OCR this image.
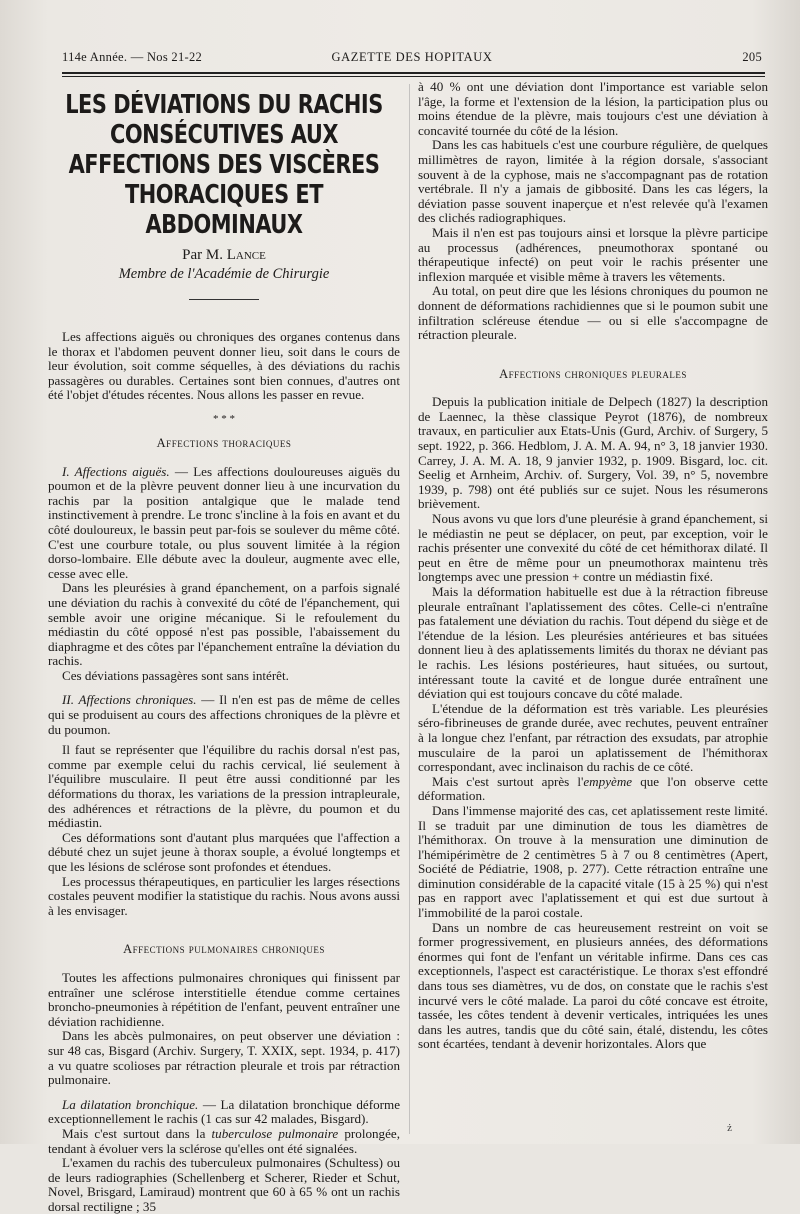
114e Année. — Nos 21-22	GAZETTE DES HOPITAUX	205
LES DÉVIATIONS DU RACHIS
CONSÉCUTIVES AUX AFFECTIONS DES VISCÈRES
THORACIQUES ET ABDOMINAUX
Par M. Lance
Membre de l'Académie de Chirurgie

Les affections aiguës ou chroniques des organes contenus dans le thorax et l'abdomen peuvent donner lieu, soit dans le cours de leur évolution, soit comme séquelles, à des déviations du rachis passagères ou durables. Certaines sont bien connues, d'autres ont été l'objet d'études récentes. Nous allons les passer en revue.

* * *
Affections thoraciques

I. Affections aiguës. — Les affections douloureuses aiguës du poumon et de la plèvre peuvent donner lieu à une incurvation du rachis par la position antalgique que le malade tend instinctivement à prendre. Le tronc s'incline à la fois en avant et du côté douloureux, le bassin peut par-fois se soulever du même côté. C'est une courbure totale, ou plus souvent limitée à la région dorso-lombaire. Elle débute avec la douleur, augmente avec elle, cesse avec elle.

Dans les pleurésies à grand épanchement, on a parfois signalé une déviation du rachis à convexité du côté de l'épanchement, qui semble avoir une origine mécanique. Si le refoulement du médiastin du côté opposé n'est pas possible, l'abaissement du diaphragme et des côtes par l'épanchement entraîne la déviation du rachis.

Ces déviations passagères sont sans intérêt.

II. Affections chroniques. — Il n'en est pas de même de celles qui se produisent au cours des affections chroniques de la plèvre et du poumon.

Il faut se représenter que l'équilibre du rachis dorsal n'est pas, comme par exemple celui du rachis cervical, lié seulement à l'équilibre musculaire. Il peut être aussi conditionné par les déformations du thorax, les variations de la pression intrapleurale, des adhérences et rétractions de la plèvre, du poumon et du médiastin.

Ces déformations sont d'autant plus marquées que l'affection a débuté chez un sujet jeune à thorax souple, a évolué longtemps et que les lésions de sclérose sont profondes et étendues.

Les processus thérapeutiques, en particulier les larges résections costales peuvent modifier la statistique du rachis. Nous avons aussi à les envisager.

Affections pulmonaires chroniques

Toutes les affections pulmonaires chroniques qui finissent par entraîner une sclérose interstitielle étendue comme certaines broncho-pneumonies à répétition de l'enfant, peuvent entraîner une déviation rachidienne.

Dans les abcès pulmonaires, on peut observer une déviation : sur 48 cas, Bisgard (Archiv. Surgery, T. XXIX, sept. 1934, p. 417) a vu quatre scolioses par rétraction pleurale et trois par rétraction pulmonaire.

La dilatation bronchique. — La dilatation bronchique déforme exceptionnellement le rachis (1 cas sur 42 malades, Bisgard).

Mais c'est surtout dans la tuberculose pulmonaire prolongée, tendant à évoluer vers la sclérose qu'elles ont été signalées.

L'examen du rachis des tuberculeux pulmonaires (Schultess) ou de leurs radiographies (Schellenberg et Scherer, Rieder et Schut, Novel, Brisgard, Lamiraud) montrent que 60 à 65 % ont un rachis dorsal rectiligne ; 35

à 40 % ont une déviation dont l'importance est variable selon l'âge, la forme et l'extension de la lésion, la participation plus ou moins étendue de la plèvre, mais toujours c'est une déviation à concavité tournée du côté de la lésion.

Dans les cas habituels c'est une courbure régulière, de quelques millimètres de rayon, limitée à la région dorsale, s'associant souvent à de la cyphose, mais ne s'accompagnant pas de rotation vertébrale. Il n'y a jamais de gibbosité. Dans les cas légers, la déviation passe souvent inaperçue et n'est relevée qu'à l'examen des clichés radiographiques.

Mais il n'en est pas toujours ainsi et lorsque la plèvre participe au processus (adhérences, pneumothorax spontané ou thérapeutique infecté) on peut voir le rachis présenter une inflexion marquée et visible même à travers les vêtements.

Au total, on peut dire que les lésions chroniques du poumon ne donnent de déformations rachidiennes que si le poumon subit une infiltration scléreuse étendue — ou si elle s'accompagne de rétraction pleurale.

Affections chroniques pleurales

Depuis la publication initiale de Delpech (1827) la description de Laennec, la thèse classique Peyrot (1876), de nombreux travaux, en particulier aux Etats-Unis (Gurd, Archiv. of Surgery, 5 sept. 1922, p. 366. Hedblom, J. A. M. A. 94, n° 3, 18 janvier 1930. Carrey, J. A. M. A. 18, 9 janvier 1932, p. 1909. Bisgard, loc. cit. Seelig et Arnheim, Archiv. of. Surgery, Vol. 39, n° 5, novembre 1939, p. 798) ont été publiés sur ce sujet. Nous les résumerons brièvement.

Nous avons vu que lors d'une pleurésie à grand épanchement, si le médiastin ne peut se déplacer, on peut, par exception, voir le rachis présenter une convexité du côté de cet hémithorax dilaté. Il peut en être de même pour un pneumothorax maintenu très longtemps avec une pression + contre un médiastin fixé.

Mais la déformation habituelle est due à la rétraction fibreuse pleurale entraînant l'aplatissement des côtes. Celle-ci n'entraîne pas fatalement une déviation du rachis. Tout dépend du siège et de l'étendue de la lésion. Les pleurésies antérieures et bas situées donnent lieu à des aplatissements limités du thorax ne déviant pas le rachis. Les lésions postérieures, haut situées, ou surtout, intéressant toute la cavité et de longue durée entraînent une déviation qui est toujours concave du côté malade.

L'étendue de la déformation est très variable. Les pleurésies séro-fibrineuses de grande durée, avec rechutes, peuvent entraîner à la longue chez l'enfant, par rétraction des exsudats, par atrophie musculaire de la paroi un aplatissement de l'hémithorax correspondant, avec inclinaison du rachis de ce côté.

Mais c'est surtout après l'empyème que l'on observe cette déformation.

Dans l'immense majorité des cas, cet aplatissement reste limité. Il se traduit par une diminution de tous les diamètres de l'hémithorax. On trouve à la mensuration une diminution de l'hémipérimètre de 2 centimètres 5 à 7 ou 8 centimètres (Apert, Société de Pédiatrie, 1908, p. 277). Cette rétraction entraîne une diminution considérable de la capacité vitale (15 à 25 %) qui n'est pas en rapport avec l'aplatissement et qui est due surtout à l'immobilité de la paroi costale.

Dans un nombre de cas heureusement restreint on voit se former progressivement, en plusieurs années, des déformations énormes qui font de l'enfant un véritable infirme. Dans ces cas exceptionnels, l'aspect est caractéristique. Le thorax s'est effondré dans tous ses diamètres, vu de dos, on constate que le rachis s'est incurvé vers le côté malade. La paroi du côté concave est étroite, tassée, les côtes tendent à devenir verticales, intriquées les unes dans les autres, tandis que du côté sain, étalé, distendu, les côtes sont écartées, tendant à devenir horizontales. Alors que

ż
